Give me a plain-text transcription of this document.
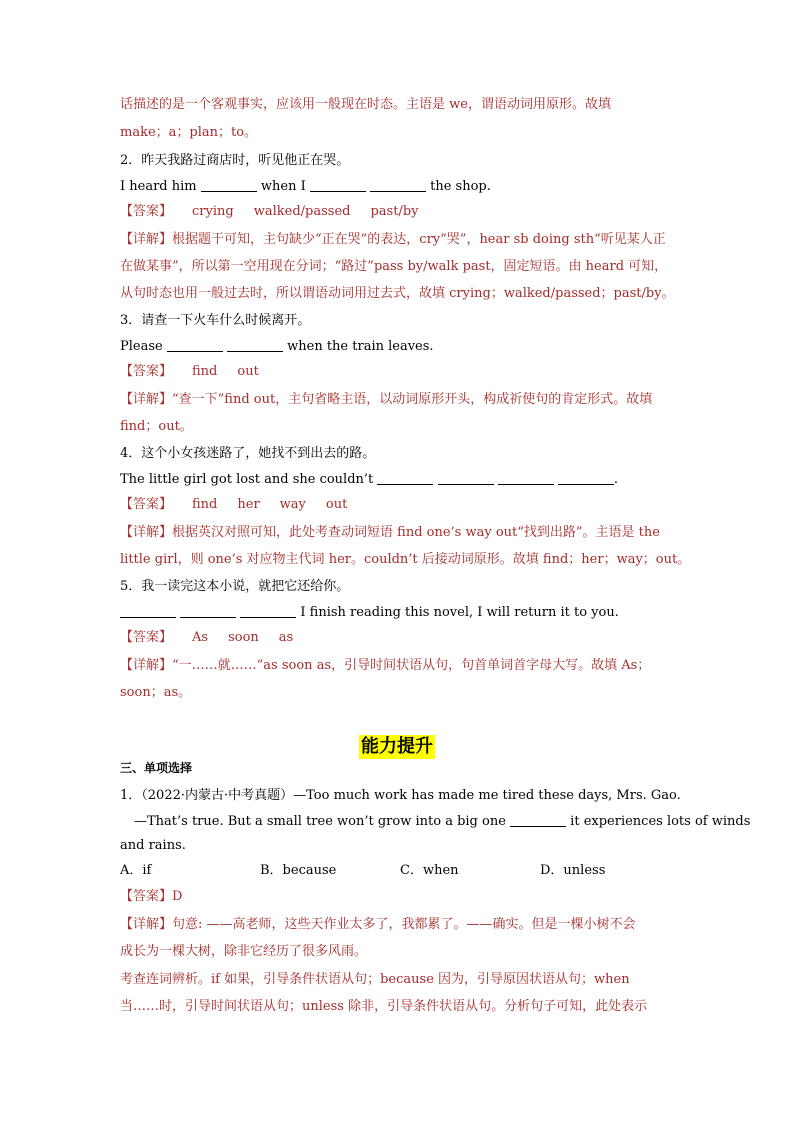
话描述的是一个客观事实，应该用一般现在时态。主语是 we，谓语动词用原形。故填
make；a；plan；to。
2．昨天我路过商店时，听见他正在哭。
I heard him	when I	the shop.
【答案】 crying walked/passed past/by
【详解】根据题干可知，主句缺少“正在哭”的表达，cry“哭”，hear sb doing sth“听见某人正
在做某事”，所以第一空用现在分词；“路过”pass by/walk past，固定短语。由 heard 可知，
从句时态也用一般过去时，所以谓语动词用过去式，故填 crying；walked/passed；past/by。
3．请查一下火车什么时候离开。
Please	when the train leaves.
【答案】 find out
【详解】“查一下”find out，主句省略主语，以动词原形开头，构成祈使句的肯定形式。故填
find；out。
4．这个小女孩迷路了，她找不到出去的路。
The little girl got lost and she couldn’t	.
【答案】 find her way out
【详解】根据英汉对照可知，此处考查动词短语 find one’s way out“找到出路”。主语是 the
little girl，则 one’s 对应物主代词 her。couldn’t 后接动词原形。故填 find；her；way；out。
5．我一读完这本小说，就把它还给你。
I finish reading this novel, I will return it to you.
【答案】 As soon as
【详解】“一……就……”as soon as，引导时间状语从句，句首单词首字母大写。故填 As；
soon；as。
能力提升
三、单项选择
1．（2022·内蒙古·中考真题）—Too much work has made me tired these days, Mrs. Gao.
—That’s true. But a small tree won’t grow into a big one	it experiences lots of winds
and rains.
A．if	B．because	C．when	D．unless
【答案】D
【详解】句意: ——高老师，这些天作业太多了，我都累了。——确实。但是一棵小树不会
成长为一棵大树，除非它经历了很多风雨。
考查连词辨析。if 如果，引导条件状语从句；because 因为，引导原因状语从句；when
当……时，引导时间状语从句；unless 除非，引导条件状语从句。分析句子可知，此处表示
